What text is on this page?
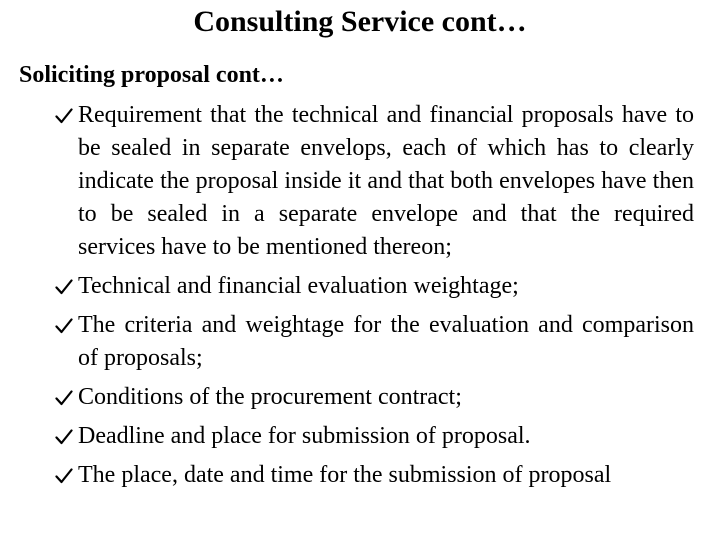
Consulting Service cont…
Soliciting proposal cont…
Requirement that the technical and financial proposals have to be sealed in separate envelops, each of which has to clearly indicate the proposal inside it and that both envelopes have then to be sealed in a separate envelope and that the required services have to be mentioned thereon;
Technical and financial evaluation weightage;
The criteria and weightage for the evaluation and comparison of proposals;
Conditions of the procurement contract;
Deadline and place for submission of proposal.
The place, date and time for the submission of proposal
